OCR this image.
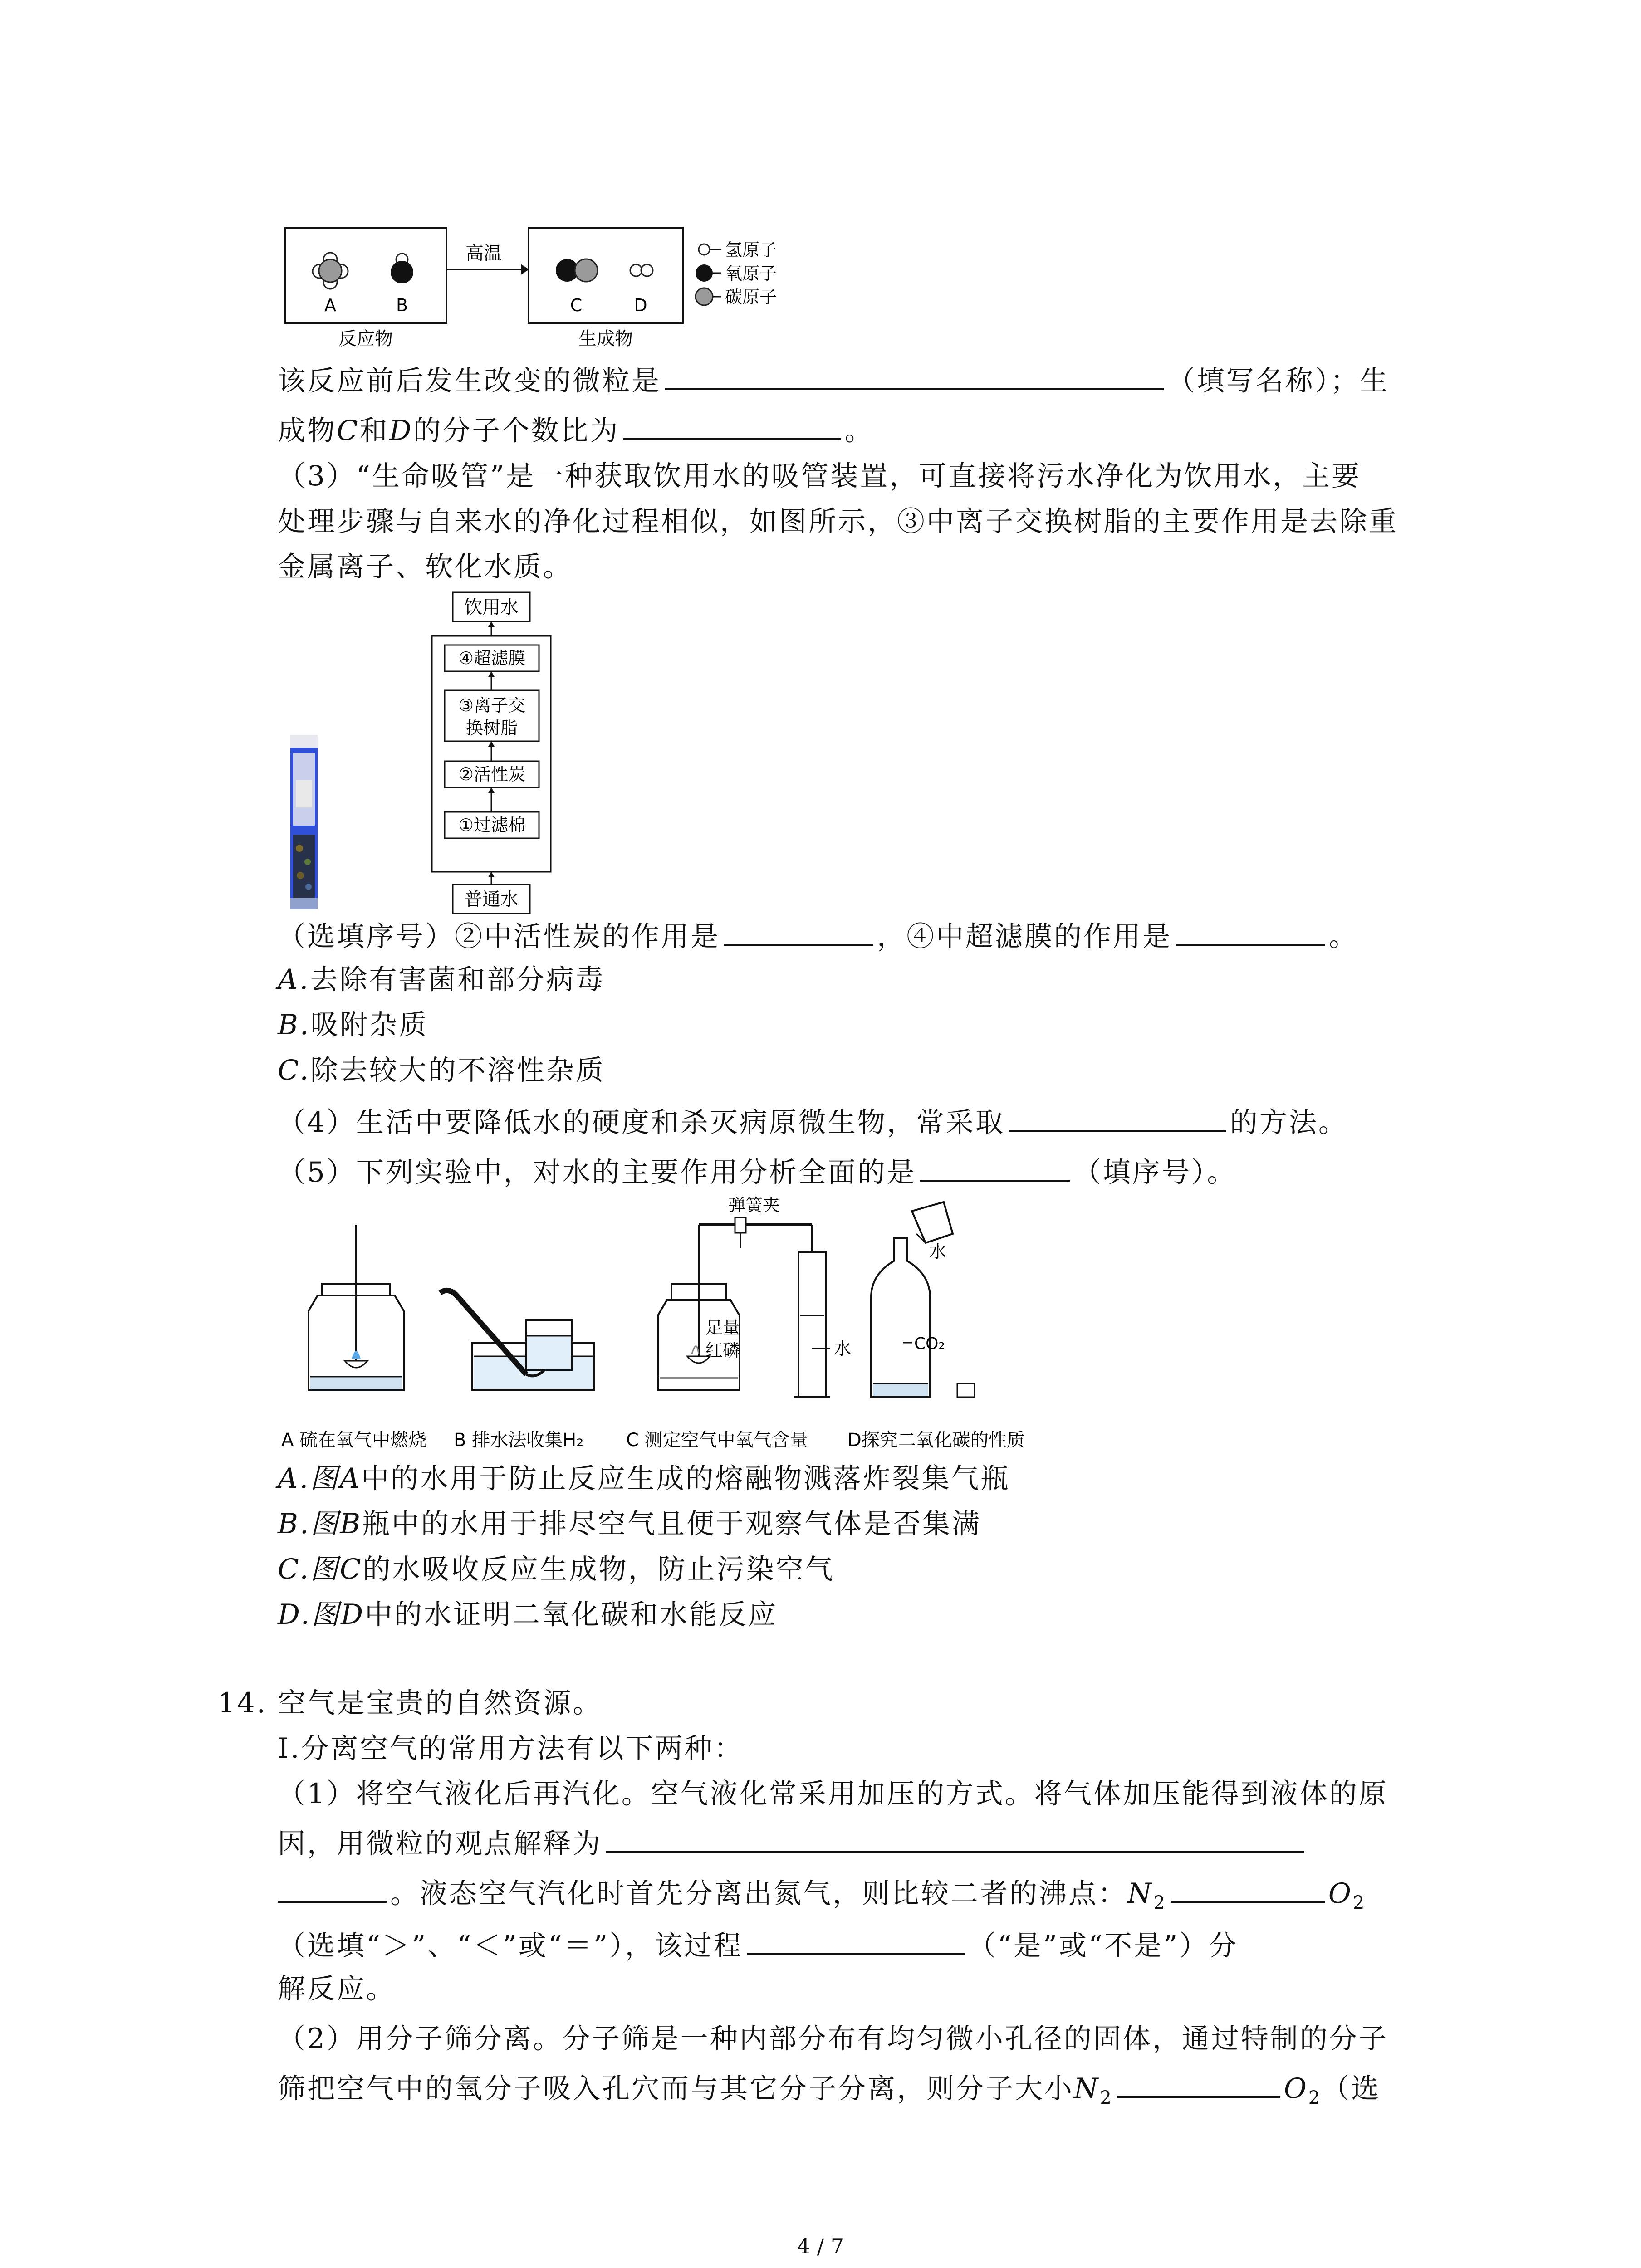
A	B
高温
C	D
反应物	生成物
氢原子
氧原子
碳原子
该反应前后发生改变的微粒是	（填写名称）；生
成物C和D的分子个数比为	。
（3）“生命吸管”是一种获取饮用水的吸管装置，可直接将污水净化为饮用水，主要
处理步骤与自来水的净化过程相似，如图所示，③中离子交换树脂的主要作用是去除重
金属离子、软化水质。
饮用水
④超滤膜
③离子交
换树脂
②活性炭
①过滤棉
普通水
（选填序号）②中活性炭的作用是	，④中超滤膜的作用是	。
A.去除有害菌和部分病毒
B.吸附杂质
C.除去较大的不溶性杂质
（4）生活中要降低水的硬度和杀灭病原微生物，常采取	的方法。
（5）下列实验中，对水的主要作用分析全面的是	（填序号）。
弹簧夹
足量
红磷	水
水
CO₂
A 硫在氧气中燃烧 B 排水法收集H₂ C 测定空气中氧气含量 D探究二氧化碳的性质
A.图A中的水用于防止反应生成的熔融物溅落炸裂集气瓶
B.图B瓶中的水用于排尽空气且便于观察气体是否集满
C.图C的水吸收反应生成物，防止污染空气
D.图D中的水证明二氧化碳和水能反应
14. 空气是宝贵的自然资源。
Ⅰ.分离空气的常用方法有以下两种：
（1）将空气液化后再汽化。空气液化常采用加压的方式。将气体加压能得到液体的原
因，用微粒的观点解释为
。液态空气汽化时首先分离出氮气，则比较二者的沸点：$N_2$	$O_2$
（选填“＞”、“＜”或“＝”），该过程	（“是”或“不是”）分
解反应。
（2）用分子筛分离。分子筛是一种内部分布有均匀微小孔径的固体，通过特制的分子
筛把空气中的氧分子吸入孔穴而与其它分子分离，则分子大小$N_2$	$O_2$（选
4 / 7
